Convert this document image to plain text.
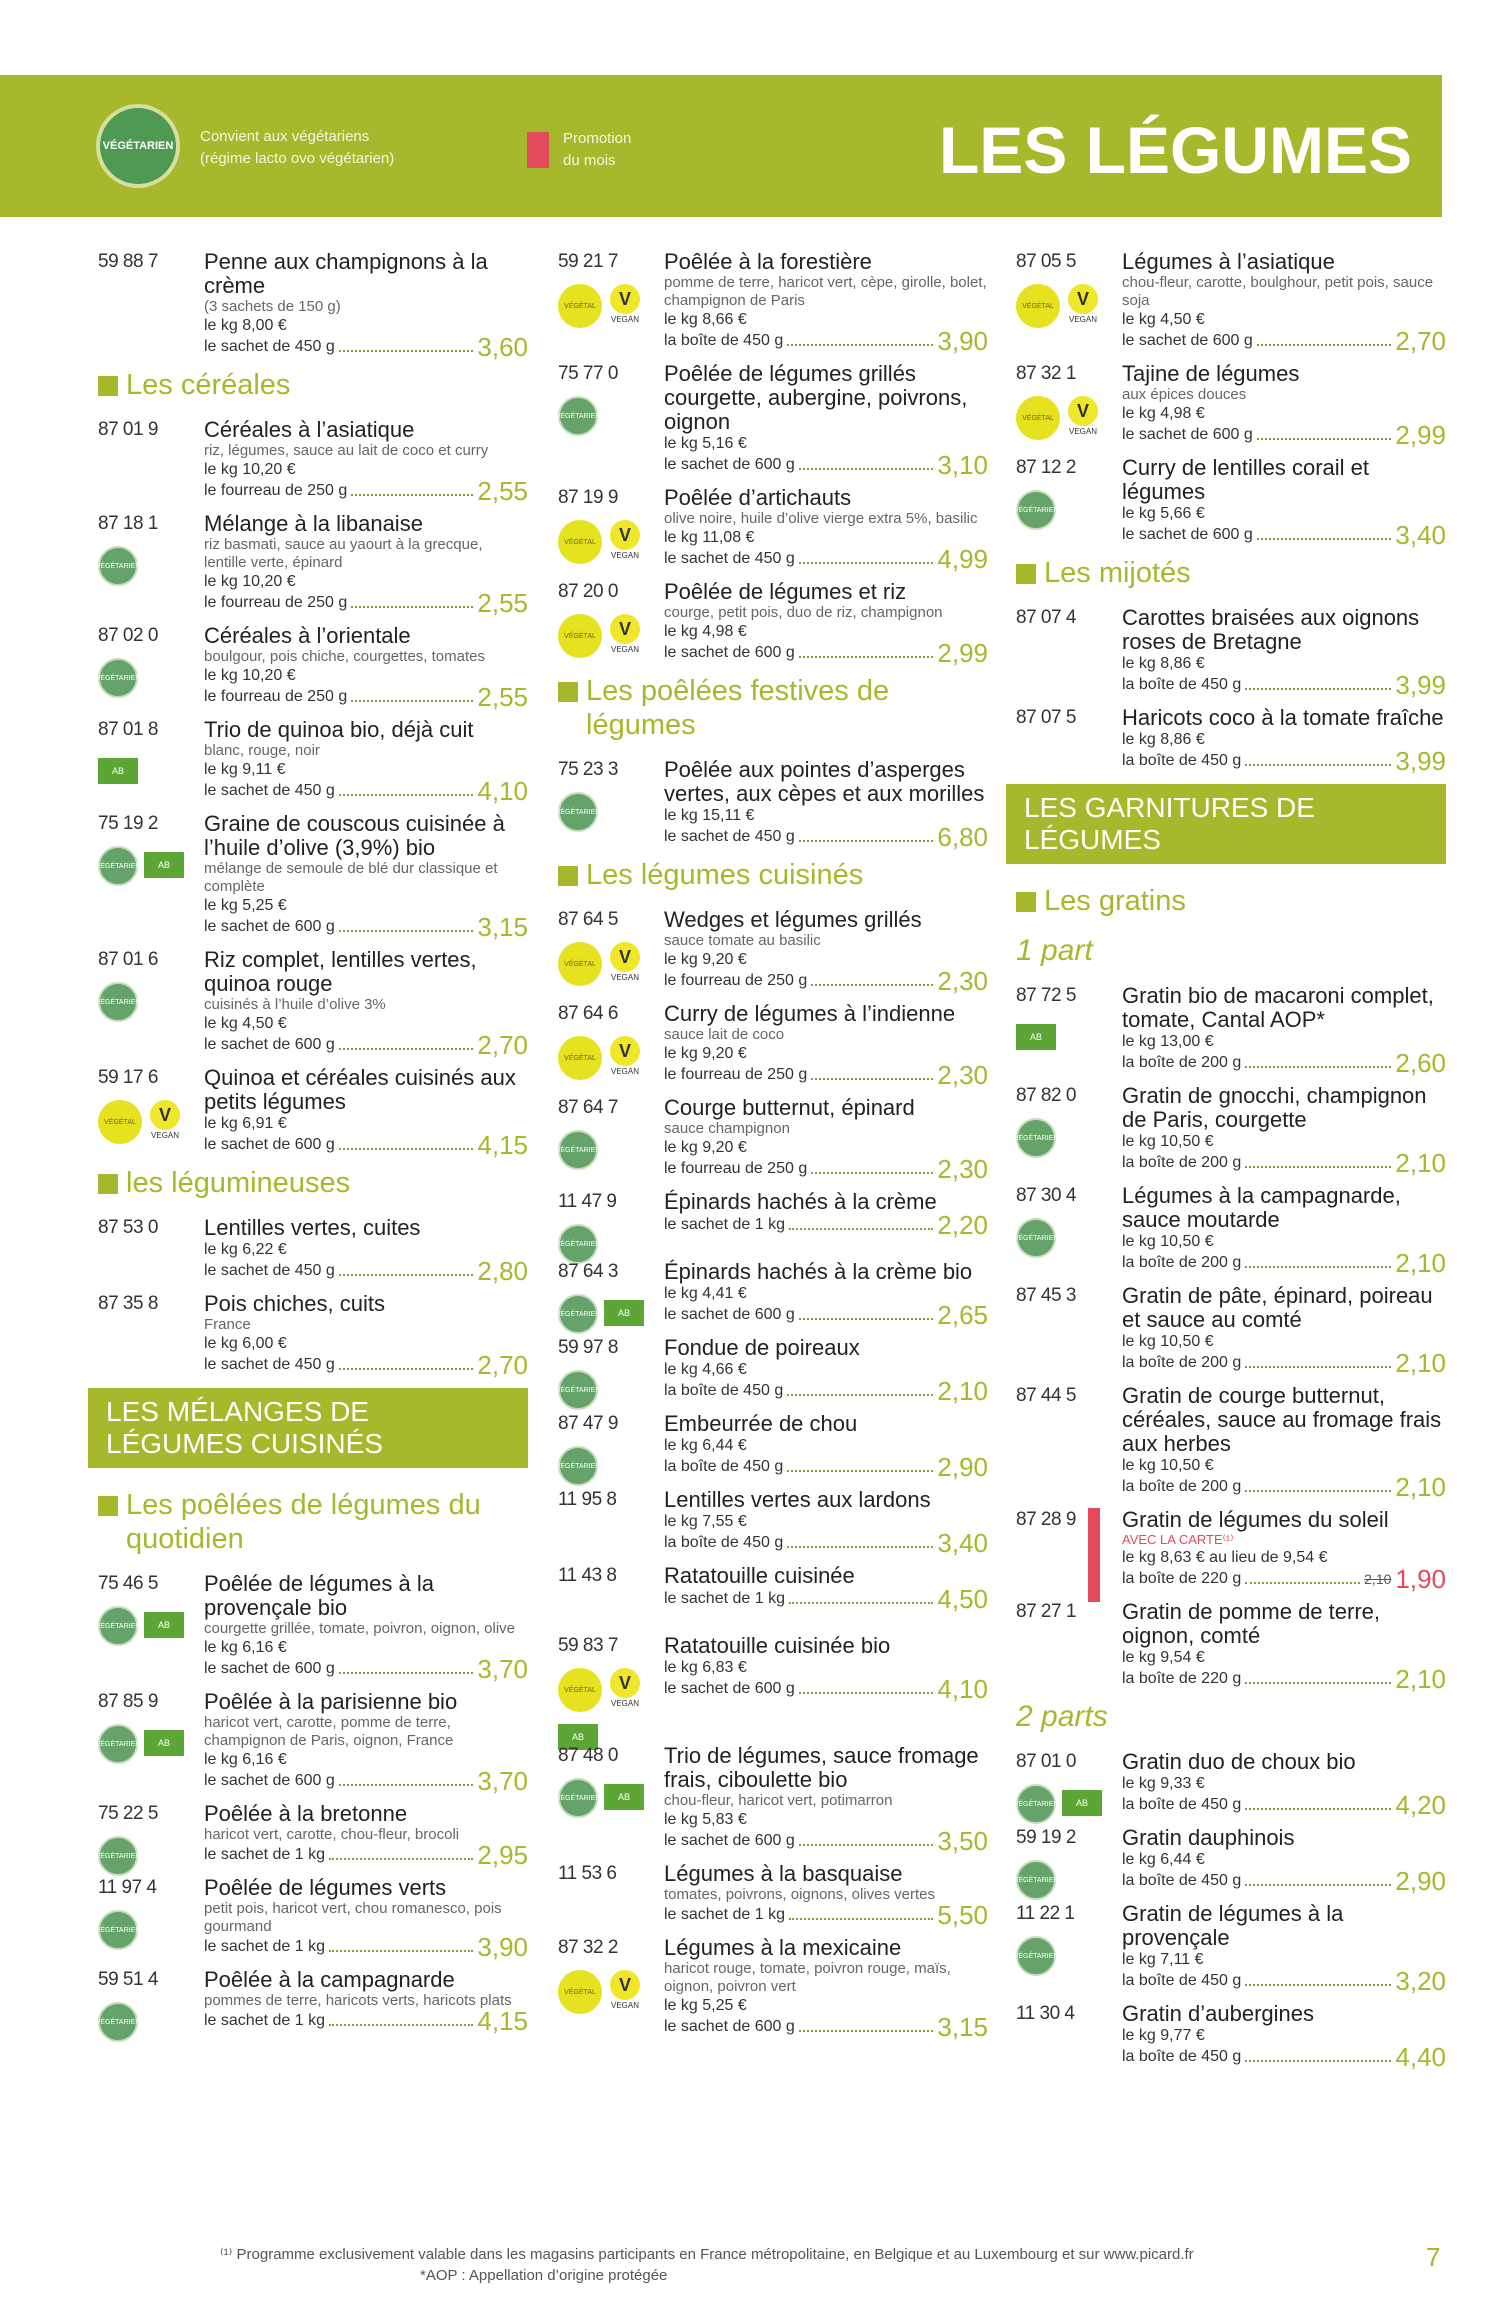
VÉGÉTARIEN
Convient aux végétariens
(régime lacto ovo végétarien)
Promotion
du mois	LES LÉGUMES
59 88 7 Penne aux champignons à la crème
(3 sachets de 150 g)
le kg 8,00 €
le sachet de 450 g	3,60
Les céréales
87 01 9 Céréales à l’asiatique
riz, légumes, sauce au lait de coco et curry
le kg 10,20 €
le fourreau de 250 g	2,55
87 18 1
VÉGÉTARIEN
Mélange à la libanaise
riz basmati, sauce au yaourt à la grecque, lentille verte, épinard
le kg 10,20 €
le fourreau de 250 g	2,55
87 02 0
VÉGÉTARIEN
Céréales à l’orientale
boulgour, pois chiche, courgettes, tomates
le kg 10,20 €
le fourreau de 250 g	2,55
87 01 8
AB
Trio de quinoa bio, déjà cuit
blanc, rouge, noir
le kg 9,11 €
le sachet de 450 g	4,10
75 19 2
VÉGÉTARIEN	AB
Graine de couscous cuisinée à l’huile d’olive (3,9%) bio
mélange de semoule de blé dur classique et complète
le kg 5,25 €
le sachet de 600 g	3,15
87 01 6
VÉGÉTARIEN
Riz complet, lentilles vertes, quinoa rouge
cuisinés à l’huile d’olive 3%
le kg 4,50 €
le sachet de 600 g	2,70
59 17 6
VÉGÉTAL
V VEGAN
Quinoa et céréales cuisinés aux petits légumes
le kg 6,91 €
le sachet de 600 g	4,15
les légumineuses
87 53 0 Lentilles vertes, cuites
le kg 6,22 €
le sachet de 450 g	2,80
87 35 8 Pois chiches, cuits
France
le kg 6,00 €
le sachet de 450 g	2,70
LES MÉLANGES DE LÉGUMES CUISINÉS
Les poêlées de légumes du quotidien
75 46 5
VÉGÉTARIEN	AB
Poêlée de légumes à la provençale bio
courgette grillée, tomate, poivron, oignon, olive
le kg 6,16 €
le sachet de 600 g	3,70
87 85 9
VÉGÉTARIEN	AB
Poêlée à la parisienne bio
haricot vert, carotte, pomme de terre, champignon de Paris, oignon, France
le kg 6,16 €
le sachet de 600 g	3,70
75 22 5
VÉGÉTARIEN
Poêlée à la bretonne
haricot vert, carotte, chou-fleur, brocoli
le sachet de 1 kg	2,95
11 97 4
VÉGÉTARIEN
Poêlée de légumes verts
petit pois, haricot vert, chou romanesco, pois gourmand
le sachet de 1 kg	3,90
59 51 4
VÉGÉTARIEN
Poêlée à la campagnarde
pommes de terre, haricots verts, haricots plats
le sachet de 1 kg	4,15
59 21 7
VÉGÉTAL
V VEGAN
Poêlée à la forestière
pomme de terre, haricot vert, cèpe, girolle, bolet, champignon de Paris
le kg 8,66 €
la boîte de 450 g	3,90
75 77 0
VÉGÉTARIEN
Poêlée de légumes grillés courgette, aubergine, poivrons, oignon
le kg 5,16 €
le sachet de 600 g	3,10
87 19 9
VÉGÉTAL
V VEGAN
Poêlée d’artichauts
olive noire, huile d’olive vierge extra 5%, basilic
le kg 11,08 €
le sachet de 450 g	4,99
87 20 0
VÉGÉTAL
V VEGAN
Poêlée de légumes et riz
courge, petit pois, duo de riz, champignon
le kg 4,98 €
le sachet de 600 g	2,99
Les poêlées festives de légumes
75 23 3
VÉGÉTARIEN
Poêlée aux pointes d’asperges vertes, aux cèpes et aux morilles
le kg 15,11 €
le sachet de 450 g	6,80
Les légumes cuisinés
87 64 5
VÉGÉTAL
V VEGAN
Wedges et légumes grillés
sauce tomate au basilic
le kg 9,20 €
le fourreau de 250 g	2,30
87 64 6
VÉGÉTAL
V VEGAN
Curry de légumes à l’indienne
sauce lait de coco
le kg 9,20 €
le fourreau de 250 g	2,30
87 64 7
VÉGÉTARIEN
Courge butternut, épinard
sauce champignon
le kg 9,20 €
le fourreau de 250 g	2,30
11 47 9
VÉGÉTARIEN
Épinards hachés à la crème
le sachet de 1 kg	2,20
87 64 3
VÉGÉTARIEN	AB
Épinards hachés à la crème bio
le kg 4,41 €
le sachet de 600 g	2,65
59 97 8
VÉGÉTARIEN
Fondue de poireaux
le kg 4,66 €
la boîte de 450 g	2,10
87 47 9
VÉGÉTARIEN
Embeurrée de chou
le kg 6,44 €
la boîte de 450 g	2,90
11 95 8 Lentilles vertes aux lardons
le kg 7,55 €
la boîte de 450 g	3,40
11 43 8 Ratatouille cuisinée
le sachet de 1 kg	4,50
59 83 7
VÉGÉTAL
V VEGAN
AB
Ratatouille cuisinée bio
le kg 6,83 €
le sachet de 600 g	4,10
87 48 0
VÉGÉTARIEN	AB
Trio de légumes, sauce fromage frais, ciboulette bio
chou-fleur, haricot vert, potimarron
le kg 5,83 €
le sachet de 600 g	3,50
11 53 6 Légumes à la basquaise
tomates, poivrons, oignons, olives vertes
le sachet de 1 kg	5,50
87 32 2
VÉGÉTAL
V VEGAN
Légumes à la mexicaine
haricot rouge, tomate, poivron rouge, maïs, oignon, poivron vert
le kg 5,25 €
le sachet de 600 g	3,15
87 05 5
VÉGÉTAL
V VEGAN
Légumes à l’asiatique
chou-fleur, carotte, boulghour, petit pois, sauce soja
le kg 4,50 €
le sachet de 600 g	2,70
87 32 1
VÉGÉTAL
V VEGAN
Tajine de légumes
aux épices douces
le kg 4,98 €
le sachet de 600 g	2,99
87 12 2
VÉGÉTARIEN
Curry de lentilles corail et légumes
le kg 5,66 €
le sachet de 600 g	3,40
Les mijotés
87 07 4 Carottes braisées aux oignons roses de Bretagne
le kg 8,86 €
la boîte de 450 g	3,99
87 07 5 Haricots coco à la tomate fraîche
le kg 8,86 €
la boîte de 450 g	3,99
LES GARNITURES DE LÉGUMES
Les gratins
1 part
87 72 5
AB
Gratin bio de macaroni complet, tomate, Cantal AOP*
le kg 13,00 €
la boîte de 200 g	2,60
87 82 0
VÉGÉTARIEN
Gratin de gnocchi, champignon de Paris, courgette
le kg 10,50 €
la boîte de 200 g	2,10
87 30 4
VÉGÉTARIEN
Légumes à la campagnarde, sauce moutarde
le kg 10,50 €
la boîte de 200 g	2,10
87 45 3 Gratin de pâte, épinard, poireau et sauce au comté
le kg 10,50 €
la boîte de 200 g	2,10
87 44 5 Gratin de courge butternut, céréales, sauce au fromage frais aux herbes
le kg 10,50 €
la boîte de 200 g	2,10
87 28 9 Gratin de légumes du soleil
AVEC LA CARTE⁽¹⁾
le kg 8,63 € au lieu de 9,54 €
la boîte de 220 g	2,10 1,90
87 27 1 Gratin de pomme de terre, oignon, comté
le kg 9,54 €
la boîte de 220 g	2,10
2 parts
87 01 0
VÉGÉTARIEN	AB
Gratin duo de choux bio
le kg 9,33 €
la boîte de 450 g	4,20
59 19 2
VÉGÉTARIEN
Gratin dauphinois
le kg 6,44 €
la boîte de 450 g	2,90
11 22 1
VÉGÉTARIEN
Gratin de légumes à la provençale
le kg 7,11 €
la boîte de 450 g	3,20
11 30 4 Gratin d’aubergines
le kg 9,77 €
la boîte de 450 g	4,40
⁽¹⁾ Programme exclusivement valable dans les magasins participants en France métropolitaine, en Belgique et au Luxembourg et sur www.picard.fr
*AOP : Appellation d’origine protégée
7
